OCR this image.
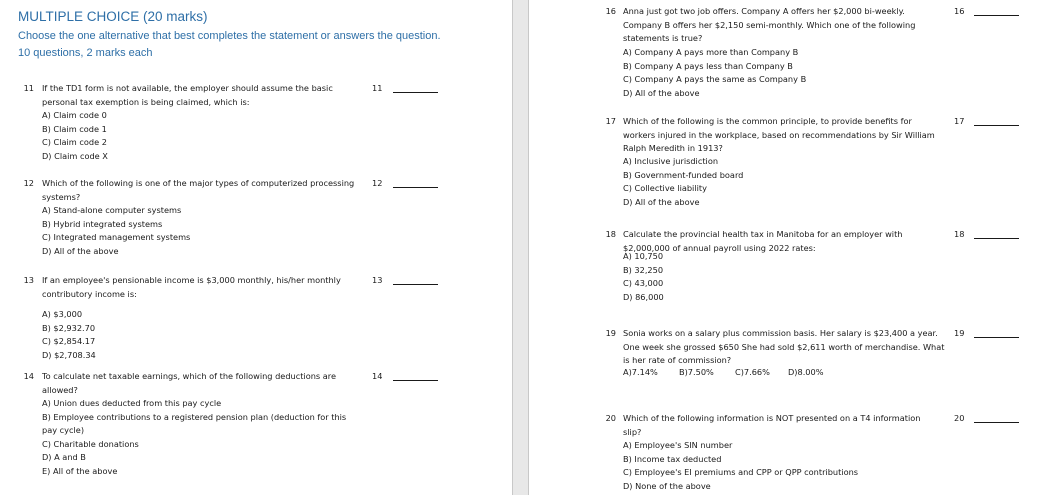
MULTIPLE CHOICE (20 marks)
Choose the one alternative that best completes the statement or answers the question.
10 questions, 2 marks each
11 If the TD1 form is not available, the employer should assume the basic personal tax exemption is being claimed, which is:
A) Claim code 0
B) Claim code 1
C) Claim code 2
D) Claim code X
11
12 Which of the following is one of the major types of computerized processing systems?
A) Stand-alone computer systems
B) Hybrid integrated systems
C) Integrated management systems
D) All of the above
12
13 If an employee's pensionable income is $3,000 monthly, his/her monthly contributory income is:
A) $3,000
B) $2,932.70
C) $2,854.17
D) $2,708.34
13
14 To calculate net taxable earnings, which of the following deductions are allowed?
A) Union dues deducted from this pay cycle
B) Employee contributions to a registered pension plan (deduction for this
pay cycle)
C) Charitable donations
D) A and B
E) All of the above
14
16 Anna just got two job offers. Company A offers her $2,000 bi-weekly. Company B offers her $2,150 semi-monthly. Which one of the following statements is true?
A) Company A pays more than Company B
B) Company A pays less than Company B
C) Company A pays the same as Company B
D) All of the above
16
17 Which of the following is the common principle, to provide benefits for workers injured in the workplace, based on recommendations by Sir William Ralph Meredith in 1913?
A) Inclusive jurisdiction
B) Government-funded board
C) Collective liability
D) All of the above
17
18 Calculate the provincial health tax in Manitoba for an employer with $2,000,000 of annual payroll using 2022 rates:
A) 10,750
B) 32,250
C) 43,000
D) 86,000
18
19 Sonia works on a salary plus commission basis. Her salary is $23,400 a year. One week she grossed $650 She had sold $2,611 worth of merchandise. What is her rate of commission?
A)7.14%	B)7.50%	C)7.66% D)8.00%
19
20 Which of the following information is NOT presented on a T4 information slip?
A) Employee's SIN number
B) Income tax deducted
C) Employee's EI premiums and CPP or QPP contributions
D) None of the above
20
